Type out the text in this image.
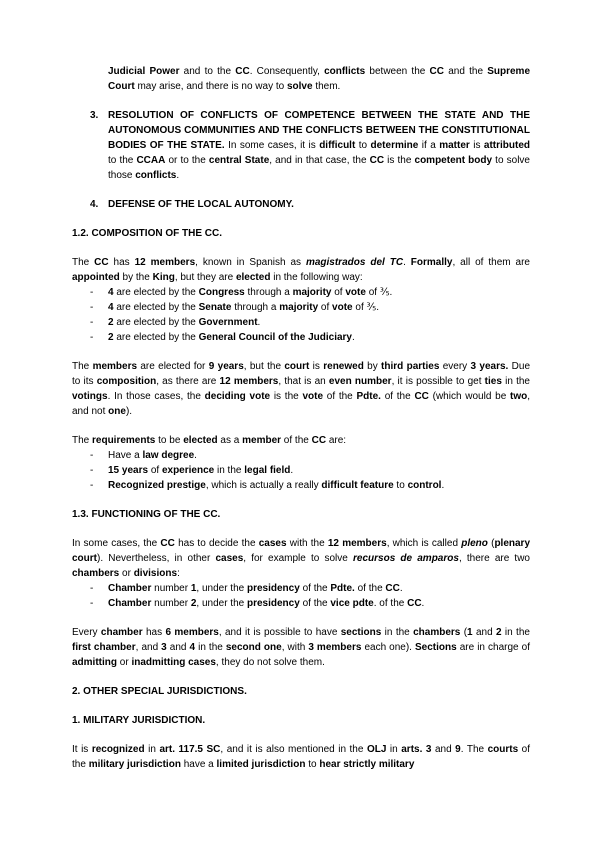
Judicial Power and to the CC. Consequently, conflicts between the CC and the Supreme Court may arise, and there is no way to solve them.

3. RESOLUTION OF CONFLICTS OF COMPETENCE BETWEEN THE STATE AND THE AUTONOMOUS COMMUNITIES AND THE CONFLICTS BETWEEN THE CONSTITUTIONAL BODIES OF THE STATE. In some cases, it is difficult to determine if a matter is attributed to the CCAA or to the central State, and in that case, the CC is the competent body to solve those conflicts.

4. DEFENSE OF THE LOCAL AUTONOMY.

1.2. COMPOSITION OF THE CC.

The CC has 12 members, known in Spanish as magistrados del TC. Formally, all of them are appointed by the King, but they are elected in the following way:

- 4 are elected by the Congress through a majority of vote of ⅗.
- 4 are elected by the Senate through a majority of vote of ⅗.
- 2 are elected by the Government.
- 2 are elected by the General Council of the Judiciary.

The members are elected for 9 years, but the court is renewed by third parties every 3 years. Due to its composition, as there are 12 members, that is an even number, it is possible to get ties in the votings. In those cases, the deciding vote is the vote of the Pdte. of the CC (which would be two, and not one).

The requirements to be elected as a member of the CC are:

- Have a law degree.
- 15 years of experience in the legal field.
- Recognized prestige, which is actually a really difficult feature to control.

1.3. FUNCTIONING OF THE CC.

In some cases, the CC has to decide the cases with the 12 members, which is called pleno (plenary court). Nevertheless, in other cases, for example to solve recursos de amparos, there are two chambers or divisions:

- Chamber number 1, under the presidency of the Pdte. of the CC.
- Chamber number 2, under the presidency of the vice pdte. of the CC.

Every chamber has 6 members, and it is possible to have sections in the chambers (1 and 2 in the first chamber, and 3 and 4 in the second one, with 3 members each one). Sections are in charge of admitting or inadmitting cases, they do not solve them.

2. OTHER SPECIAL JURISDICTIONS.

1. MILITARY JURISDICTION.

It is recognized in art. 117.5 SC, and it is also mentioned in the OLJ in arts. 3 and 9. The courts of the military jurisdiction have a limited jurisdiction to hear strictly military
